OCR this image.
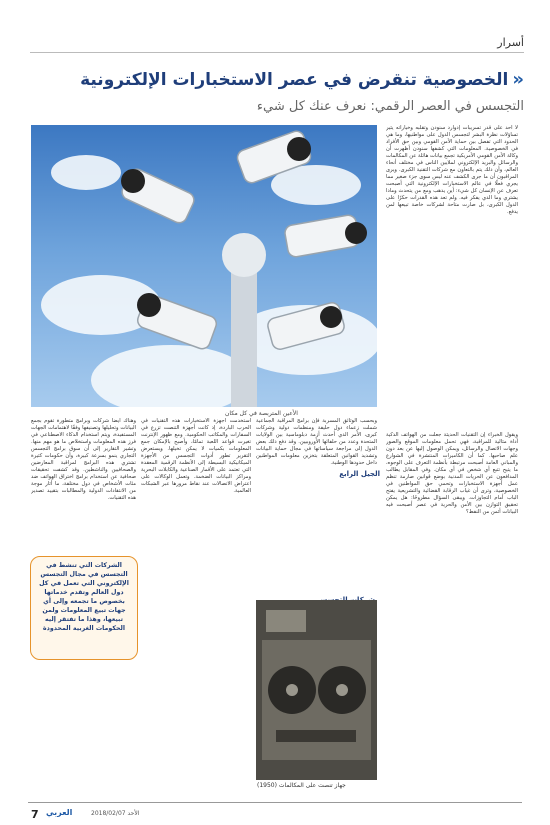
أسرار
«
الخصوصية تنقرض في عصر الاستخبارات الإلكترونية
التجسس في العصر الرقمي: نعرف عنك كل شيء
الأعين المتربصة في كل مكان
لا أحد على قدر تسريبات إدوارد سنودن وتقلبه وخياراته يثير تساؤلات نظرة البشر لتجسس الدول على مواطنيها، وما هي الحدود التي تفصل بين حماية الأمن القومي وبين حق الأفراد في الخصوصية. المعلومات التي كشفها سنودن أظهرت أن وكالة الأمن القومي الأمريكية تجمع بيانات هائلة عن المكالمات والرسائل والبريد الإلكتروني لملايين الناس في مختلف أنحاء العالم، وأن ذلك يتم بالتعاون مع شركات التقنية الكبرى. ويرى المراقبون أن ما جرى الكشف عنه ليس سوى جزء صغير مما يجري فعلًا في عالم الاستخبارات الإلكترونية التي أصبحت تعرف عن الإنسان كل شيء: أين يذهب ومع من يتحدث وماذا يشتري وما الذي يفكر فيه. ولم تعد هذه القدرات حكرًا على الدول الكبرى، بل صارت متاحة لشركات خاصة تبيعها لمن يدفع.
ويقول الخبراء إن التقنيات الحديثة جعلت من الهواتف الذكية أداة مثالية للمراقبة، فهي تحمل معلومات الموقع والصور وجهات الاتصال والرسائل، ويمكن الوصول إليها عن بعد دون علم صاحبها. كما أن الكاميرات المنتشرة في الشوارع والمباني العامة أصبحت مرتبطة بأنظمة التعرف على الوجوه، ما يتيح تتبع أي شخص في أي مكان. وفي المقابل يطالب المدافعون عن الحريات المدنية بوضع قوانين صارمة تنظم عمل أجهزة الاستخبارات وتحمي حق المواطنين في الخصوصية، وترى أن غياب الرقابة القضائية والتشريعية يفتح الباب أمام التجاوزات. ويبقى السؤال مطروحًا: هل يمكن تحقيق التوازن بين الأمن والحرية في عصر أصبحت فيه البيانات أثمن من النفط؟
الجيل الرابع
وهناك أيضا شركات وبرامج متطورة تقوم بجمع البيانات وتحليلها وتصنيفها وفقًا لاهتمامات الجهات المستفيدة، ويتم استخدام الذكاء الاصطناعي في فرز هذه المعلومات واستخلاص ما هو مهم منها. وتشير التقارير إلى أن سوق برامج التجسس التجاري ينمو بسرعة كبيرة، وأن حكومات كثيرة تشتري هذه البرامج لمراقبة المعارضين والصحافيين والناشطين. وقد كشفت تحقيقات صحافية عن استخدام برامج اختراق الهواتف ضد مئات الأشخاص في دول مختلفة، ما أثار موجة من الانتقادات الدولية والمطالبات بتقييد تصدير هذه التقنيات.
استخدمت أجهزة الاستخبارات هذه التقنيات في الحرب الباردة، إذ كانت أجهزة التنصت تزرع في السفارات والمكاتب الحكومية. ومع ظهور الإنترنت تغيرت قواعد اللعبة تمامًا، وأصبح بالإمكان جمع المعلومات بكميات لا يمكن تخيلها. ويستعرض التقرير تطور أدوات التجسس من الأجهزة الميكانيكية البسيطة إلى الأنظمة الرقمية المعقدة التي تعتمد على الأقمار الصناعية والكابلات البحرية ومراكز البيانات الضخمة. وتعمل الوكالات على اعتراض الاتصالات عند نقاط مرورها عبر الشبكات العالمية.
وبحسب الوثائق المسربة فإن برامج المراقبة الجماعية شملت زعماء دول حليفة ومنظمات دولية وشركات كبرى، الأمر الذي أحدث أزمة دبلوماسية بين الولايات المتحدة وعدد من حلفائها الأوروبيين. وقد دفع ذلك بعض الدول إلى مراجعة سياساتها في مجال حماية البيانات وتشديد القوانين المتعلقة بتخزين معلومات المواطنين داخل حدودها الوطنية.
الشركات التي تنشط في التجسس في مجال التجسس الإلكتروني التي تعمل في كل دول العالم وتقدم خدماتها بخصوص ما تجمعه وإلى أي جهات تبيع المعلومات ولمن تبيعها، وهذا ما تفتقر إليه الحكومات الغربية المحدودة
جهاز تنصت على المكالمات (1950)
7 العربي	الأحد 2018/02/07
